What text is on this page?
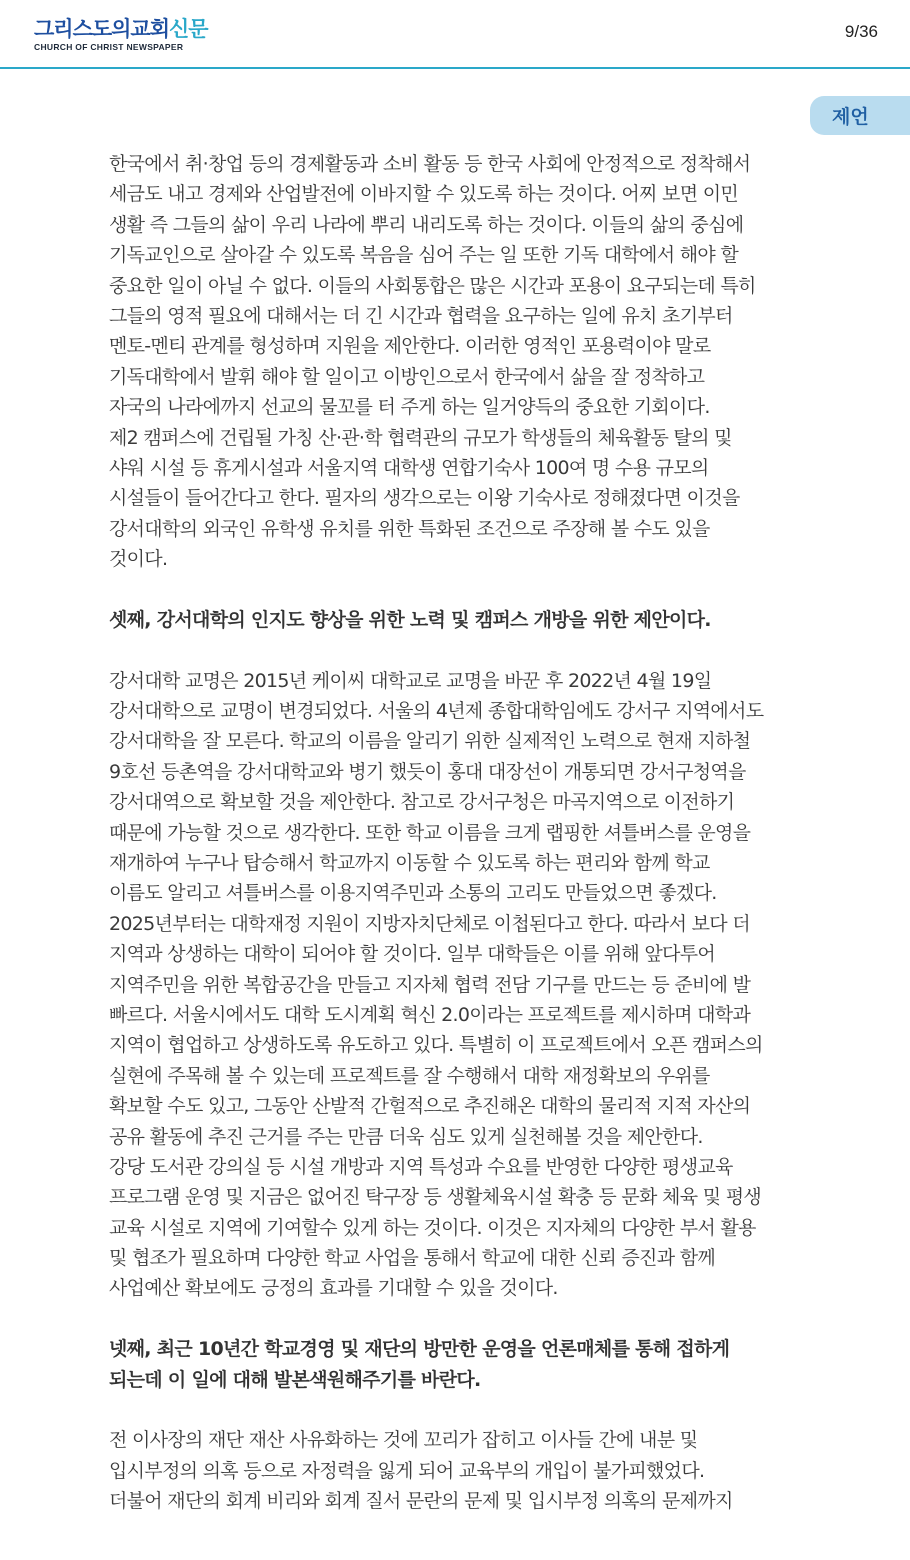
그리스도의교회신문
CHURCH OF CHRIST NEWSPAPER
9/36
제언
한국에서 취·창업 등의 경제활동과 소비 활동 등 한국 사회에 안정적으로 정착해서
세금도 내고 경제와 산업발전에 이바지할 수 있도록 하는 것이다. 어찌 보면 이민
생활 즉 그들의 삶이 우리 나라에 뿌리 내리도록 하는 것이다. 이들의 삶의 중심에
기독교인으로 살아갈 수 있도록 복음을 심어 주는 일 또한 기독 대학에서 해야 할
중요한 일이 아닐 수 없다. 이들의 사회통합은 많은 시간과 포용이 요구되는데 특히
그들의 영적 필요에 대해서는 더 긴 시간과 협력을 요구하는 일에 유치 초기부터
멘토-멘티 관계를 형성하며 지원을 제안한다. 이러한 영적인 포용력이야 말로
기독대학에서 발휘 해야 할 일이고 이방인으로서 한국에서 삶을 잘 정착하고
자국의 나라에까지 선교의 물꼬를 터 주게 하는 일거양득의 중요한 기회이다.
제2 캠퍼스에 건립될 가칭 산·관·학 협력관의 규모가 학생들의 체육활동 탈의 및
샤워 시설 등 휴게시설과 서울지역 대학생 연합기숙사 100여 명 수용 규모의
시설들이 들어간다고 한다. 필자의 생각으로는 이왕 기숙사로 정해졌다면 이것을
강서대학의 외국인 유학생 유치를 위한 특화된 조건으로 주장해 볼 수도 있을
것이다.
셋째, 강서대학의 인지도 향상을 위한 노력 및 캠퍼스 개방을 위한 제안이다.
강서대학 교명은 2015년 케이씨 대학교로 교명을 바꾼 후 2022년 4월 19일
강서대학으로 교명이 변경되었다. 서울의 4년제 종합대학임에도 강서구 지역에서도
강서대학을 잘 모른다. 학교의 이름을 알리기 위한 실제적인 노력으로 현재 지하철
9호선 등촌역을 강서대학교와 병기 했듯이 홍대 대장선이 개통되면 강서구청역을
강서대역으로 확보할 것을 제안한다. 참고로 강서구청은 마곡지역으로 이전하기
때문에 가능할 것으로 생각한다. 또한 학교 이름을 크게 랩핑한 셔틀버스를 운영을
재개하여 누구나 탑승해서 학교까지 이동할 수 있도록 하는 편리와 함께 학교
이름도 알리고 셔틀버스를 이용지역주민과 소통의 고리도 만들었으면 좋겠다.
2025년부터는 대학재정 지원이 지방자치단체로 이첩된다고 한다. 따라서 보다 더
지역과 상생하는 대학이 되어야 할 것이다. 일부 대학들은 이를 위해 앞다투어
지역주민을 위한 복합공간을 만들고 지자체 협력 전담 기구를 만드는 등 준비에 발
빠르다. 서울시에서도 대학 도시계획 혁신 2.0이라는 프로젝트를 제시하며 대학과
지역이 협업하고 상생하도록 유도하고 있다. 특별히 이 프로젝트에서 오픈 캠퍼스의
실현에 주목해 볼 수 있는데 프로젝트를 잘 수행해서 대학 재정확보의 우위를
확보할 수도 있고, 그동안 산발적 간헐적으로 추진해온 대학의 물리적 지적 자산의
공유 활동에 추진 근거를 주는 만큼 더욱 심도 있게 실천해볼 것을 제안한다.
강당 도서관 강의실 등 시설 개방과 지역 특성과 수요를 반영한 다양한 평생교육
프로그램 운영 및 지금은 없어진 탁구장 등 생활체육시설 확충 등 문화 체육 및 평생
교육 시설로 지역에 기여할수 있게 하는 것이다. 이것은 지자체의 다양한 부서 활용
및 협조가 필요하며 다양한 학교 사업을 통해서 학교에 대한 신뢰 증진과 함께
사업예산 확보에도 긍정의 효과를 기대할 수 있을 것이다.
넷째, 최근 10년간 학교경영 및 재단의 방만한 운영을 언론매체를 통해 접하게
되는데 이 일에 대해 발본색원해주기를 바란다.
전 이사장의 재단 재산 사유화하는 것에 꼬리가 잡히고 이사들 간에 내분 및
입시부정의 의혹 등으로 자정력을 잃게 되어 교육부의 개입이 불가피했었다.
더불어 재단의 회계 비리와 회계 질서 문란의 문제 및 입시부정 의혹의 문제까지
